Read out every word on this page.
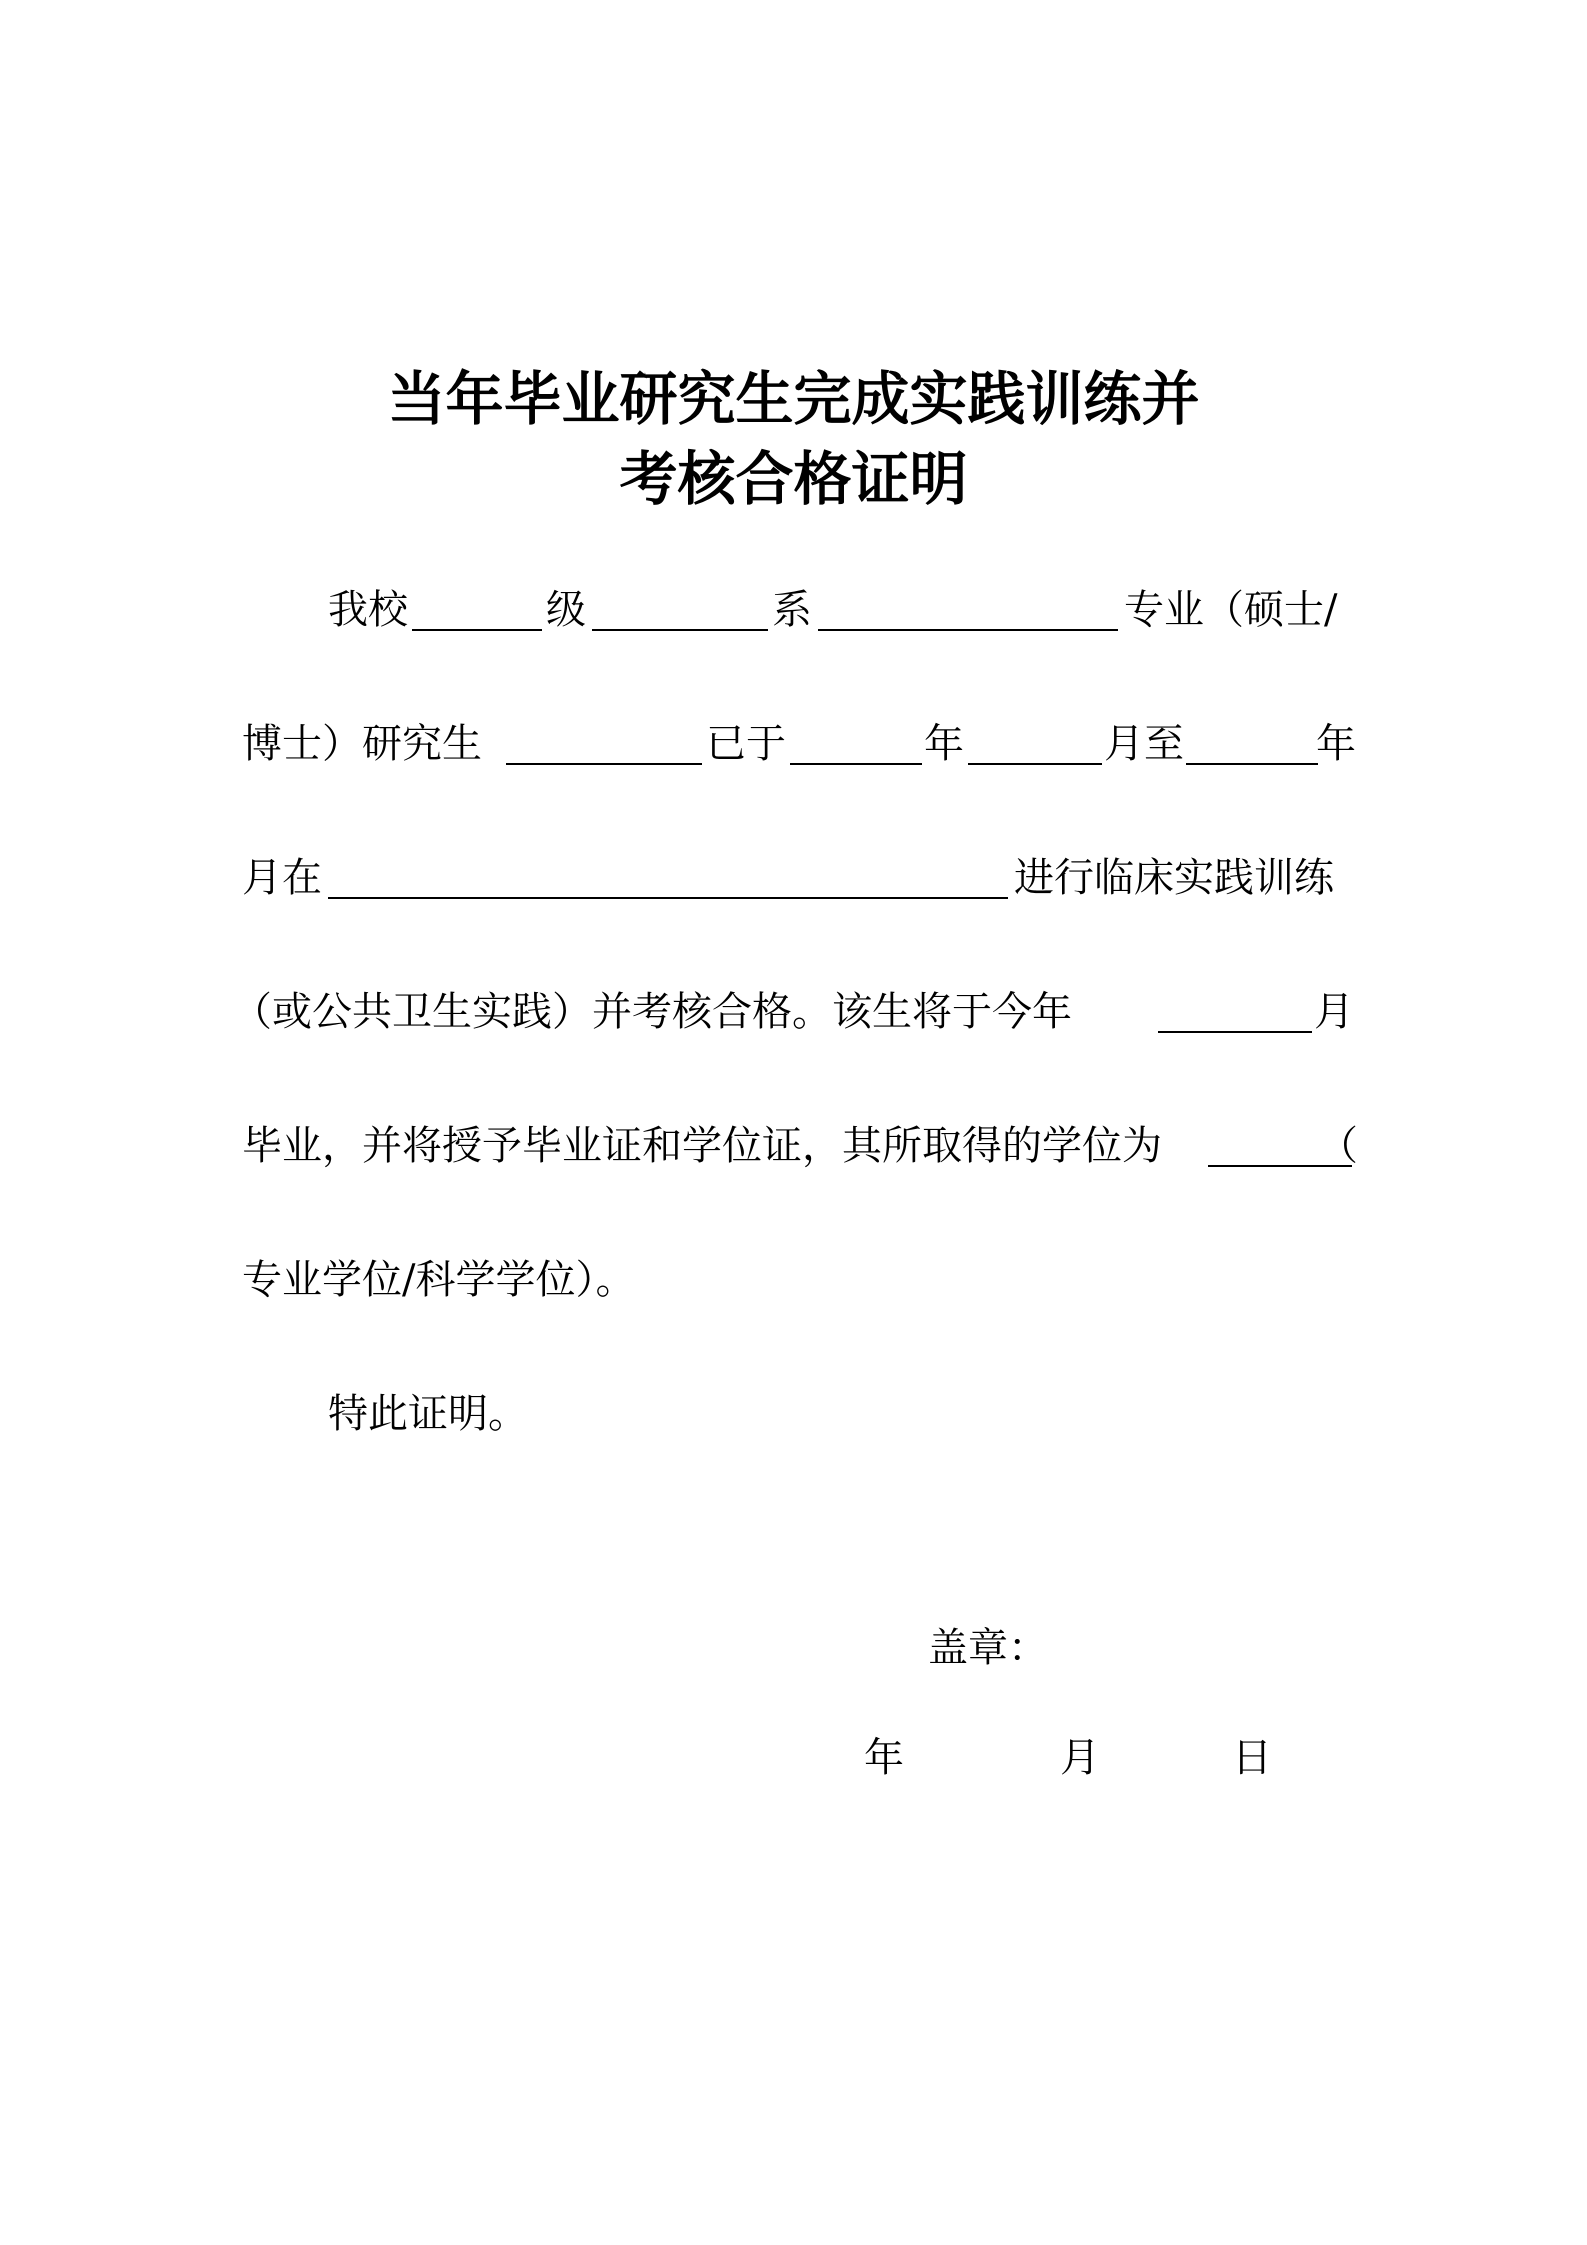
当年毕业研究生完成实践训练并
考核合格证明
我校	级	系	专业（硕士/
博士）研究生	已于	年	月至	年
月在	进行临床实践训练
（或公共卫生实践）并考核合格。该生将于今年	月
毕业，并将授予毕业证和学位证，其所取得的学位为	（
专业学位/科学学位）。
特此证明。
盖章：
年	月	日
